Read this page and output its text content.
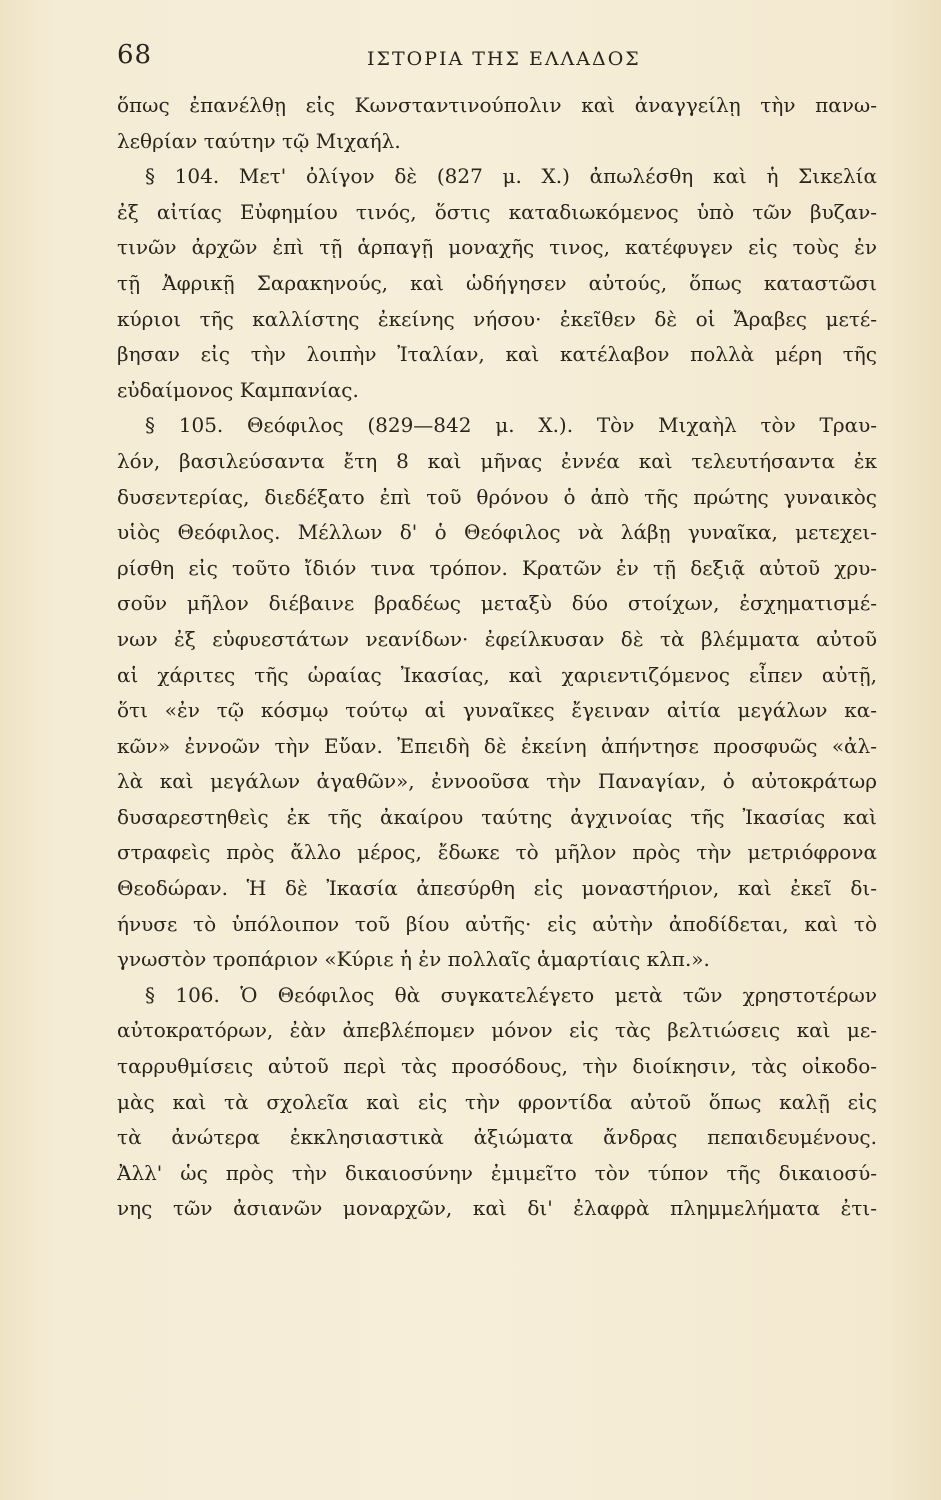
68	ΙΣΤΟΡΙΑ ΤΗΣ ΕΛΛΑΔΟΣ
ὅπως ἐπανέλθῃ εἰς Κωνσταντινούπολιν καὶ ἀναγγείλῃ τὴν πανω-
λεθρίαν ταύτην τῷ Μιχαήλ.
§ 104. Μετ' ὀλίγον δὲ (827 μ. Χ.) ἀπωλέσθη καὶ ἡ Σικελία
ἐξ αἰτίας Εὐφημίου τινός, ὅστις καταδιωκόμενος ὑπὸ τῶν βυζαν-
τινῶν ἀρχῶν ἐπὶ τῇ ἁρπαγῇ μοναχῆς τινος, κατέφυγεν εἰς τοὺς ἐν
τῇ Ἀφρικῇ Σαρακηνούς, καὶ ὡδήγησεν αὐτούς, ὅπως καταστῶσι
κύριοι τῆς καλλίστης ἐκείνης νήσου· ἐκεῖθεν δὲ οἱ Ἄραβες μετέ-
βησαν εἰς τὴν λοιπὴν Ἰταλίαν, καὶ κατέλαβον πολλὰ μέρη τῆς
εὐδαίμονος Καμπανίας.
§ 105. Θεόφιλος (829—842 μ. Χ.). Τὸν Μιχαὴλ τὸν Τραυ-
λόν, βασιλεύσαντα ἔτη 8 καὶ μῆνας ἐννέα καὶ τελευτήσαντα ἐκ
δυσεντερίας, διεδέξατο ἐπὶ τοῦ θρόνου ὁ ἀπὸ τῆς πρώτης γυναικὸς
υἱὸς Θεόφιλος. Μέλλων δ' ὁ Θεόφιλος νὰ λάβῃ γυναῖκα, μετεχει-
ρίσθη εἰς τοῦτο ἴδιόν τινα τρόπον. Κρατῶν ἐν τῇ δεξιᾷ αὐτοῦ χρυ-
σοῦν μῆλον διέβαινε βραδέως μεταξὺ δύο στοίχων, ἐσχηματισμέ-
νων ἐξ εὐφυεστάτων νεανίδων· ἐφείλκυσαν δὲ τὰ βλέμματα αὐτοῦ
αἱ χάριτες τῆς ὡραίας Ἰκασίας, καὶ χαριεντιζόμενος εἶπεν αὐτῇ,
ὅτι «ἐν τῷ κόσμῳ τούτῳ αἱ γυναῖκες ἔγειναν αἰτία μεγάλων κα-
κῶν» ἐννοῶν τὴν Εὔαν. Ἐπειδὴ δὲ ἐκείνη ἀπήντησε προσφυῶς «ἀλ-
λὰ καὶ μεγάλων ἀγαθῶν», ἐννοοῦσα τὴν Παναγίαν, ὁ αὐτοκράτωρ
δυσαρεστηθεὶς ἐκ τῆς ἀκαίρου ταύτης ἀγχινοίας τῆς Ἰκασίας καὶ
στραφεὶς πρὸς ἄλλο μέρος, ἔδωκε τὸ μῆλον πρὸς τὴν μετριόφρονα
Θεοδώραν. Ἡ δὲ Ἰκασία ἀπεσύρθη εἰς μοναστήριον, καὶ ἐκεῖ δι-
ήνυσε τὸ ὑπόλοιπον τοῦ βίου αὐτῆς· εἰς αὐτὴν ἀποδίδεται, καὶ τὸ
γνωστὸν τροπάριον «Κύριε ἡ ἐν πολλαῖς ἁμαρτίαις κλπ.».
§ 106. Ὁ Θεόφιλος θὰ συγκατελέγετο μετὰ τῶν χρηστοτέρων
αὐτοκρατόρων, ἐὰν ἀπεβλέπομεν μόνον εἰς τὰς βελτιώσεις καὶ με-
ταρρυθμίσεις αὐτοῦ περὶ τὰς προσόδους, τὴν διοίκησιν, τὰς οἰκοδο-
μὰς καὶ τὰ σχολεῖα καὶ εἰς τὴν φροντίδα αὐτοῦ ὅπως καλῇ εἰς
τὰ ἀνώτερα ἐκκλησιαστικὰ ἀξιώματα ἄνδρας πεπαιδευμένους.
Ἀλλ' ὡς πρὸς τὴν δικαιοσύνην ἐμιμεῖτο τὸν τύπον τῆς δικαιοσύ-
νης τῶν ἀσιανῶν μοναρχῶν, καὶ δι' ἐλαφρὰ πλημμελήματα ἐτι-
